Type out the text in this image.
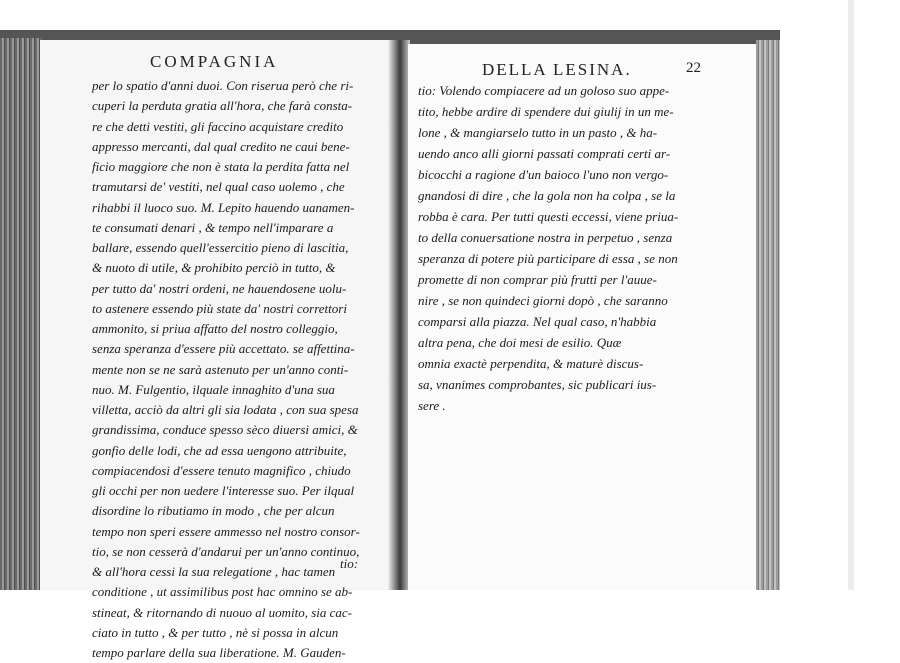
COMPAGNIA	DELLA LESINA.	22
per lo spatio d'anni duoi. Con riserua però che ri-
cuperi la perduta gratia all'hora, che farà consta-
re che detti vestiti, gli faccino acquistare credito
appresso mercanti, dal qual credito ne caui bene-
ficio maggiore che non è stata la perdita fatta nel
tramutarsi de' vestiti, nel qual caso uolemo , che
rihabbi il luoco suo. M. Lepito hauendo uanamen-
te consumati denari , & tempo nell'imparare a
ballare, essendo quell'essercitio pieno di lascitia,
& nuoto di utile, & prohibito perciò in tutto, &
per tutto da' nostri ordeni, ne hauendosene uolu-
to astenere essendo più state da' nostri correttori
ammonito, si priua affatto del nostro colleggio,
senza speranza d'essere più accettato. se affettina-
mente non se ne sarà astenuto per un'anno conti-
nuo. M. Fulgentio, ilquale innaghito d'una sua
villetta, acciò da altri gli sia lodata , con sua spesa
grandissima, conduce spesso sèco diuersi amici, &
gonfio delle lodi, che ad essa uengono attribuite,
compiacendosi d'essere tenuto magnifico , chiudo
gli occhi per non uedere l'interesse suo. Per ilqual
disordine lo ributiamo in modo , che per alcun
tempo non speri essere ammesso nel nostro consor-
tio, se non cesserà d'andarui per un'anno continuo,
& all'hora cessi la sua relegatione , hac tamen
conditione , ut assimilibus post hac omnino se ab-
stineat, & ritornando di nuouo al uomito, sia cac-
ciato in tutto , & per tutto , nè si possa in alcun
tempo parlare della sua liberatione. M. Gauden-
tio:
tio: Volendo compiacere ad un goloso suo appe-
tito, hebbe ardire di spendere dui giulij in un me-
lone , & mangiarselo tutto in un pasto , & ha-
uendo anco alli giorni passati comprati certi ar-
bicocchi a ragione d'un baioco l'uno non vergo-
gnandosi di dire , che la gola non ha colpa , se la
robba è cara. Per tutti questi eccessi, viene priua-
to della conuersatione nostra in perpetuo , senza
speranza di potere più participare di essa , se non
promette di non comprar più frutti per l'auue-
nire , se non quindeci giorni dopò , che saranno
comparsi alla piazza. Nel qual caso, n'habbia
altra pena, che doi mesi de esilio. Quæ
omnia exactè perpendita, & maturè discus-
sa, vnanimes comprobantes, sic publicari ius-
sere .
